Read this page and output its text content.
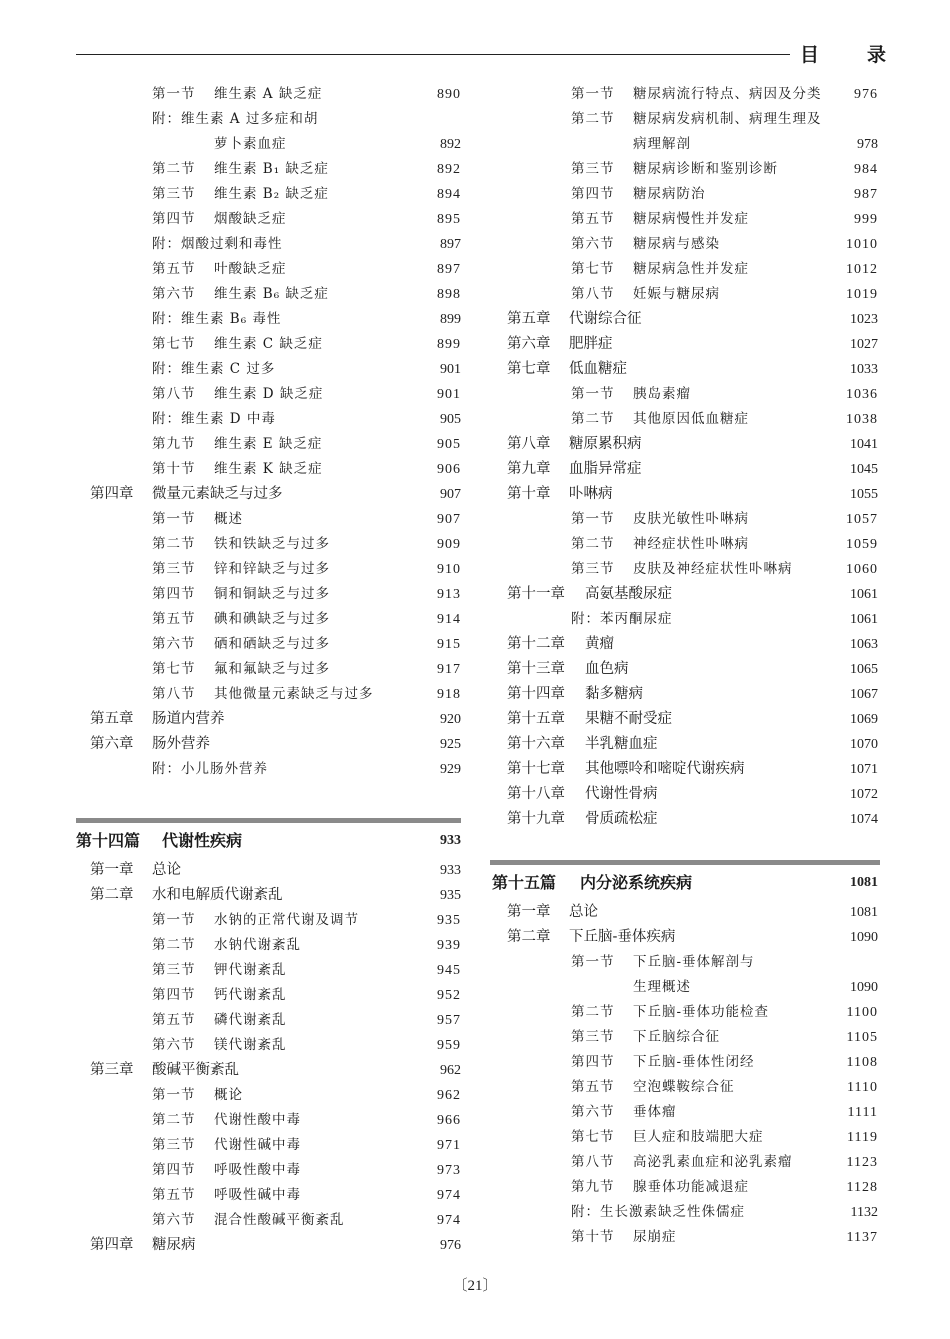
目	录
第一节 维生素 A 缺乏症	890
附：维生素 A 过多症和胡
萝卜素血症	892
第二节 维生素 B₁ 缺乏症	892
第三节 维生素 B₂ 缺乏症	894
第四节 烟酸缺乏症	895
附：烟酸过剩和毒性	897
第五节 叶酸缺乏症	897
第六节 维生素 B₆ 缺乏症	898
附：维生素 B₆ 毒性	899
第七节 维生素 C 缺乏症	899
附：维生素 C 过多	901
第八节 维生素 D 缺乏症	901
附：维生素 D 中毒	905
第九节 维生素 E 缺乏症	905
第十节 维生素 K 缺乏症	906
第四章 微量元素缺乏与过多	907
第一节 概述	907
第二节 铁和铁缺乏与过多	909
第三节 锌和锌缺乏与过多	910
第四节 铜和铜缺乏与过多	913
第五节 碘和碘缺乏与过多	914
第六节 硒和硒缺乏与过多	915
第七节 氟和氟缺乏与过多	917
第八节 其他微量元素缺乏与过多	918
第五章 肠道内营养	920
第六章 肠外营养	925
附：小儿肠外营养	929
第十四篇 代谢性疾病	933
第一章 总论	933
第二章 水和电解质代谢紊乱	935
第一节 水钠的正常代谢及调节	935
第二节 水钠代谢紊乱	939
第三节 钾代谢紊乱	945
第四节 钙代谢紊乱	952
第五节 磷代谢紊乱	957
第六节 镁代谢紊乱	959
第三章 酸碱平衡紊乱	962
第一节 概论	962
第二节 代谢性酸中毒	966
第三节 代谢性碱中毒	971
第四节 呼吸性酸中毒	973
第五节 呼吸性碱中毒	974
第六节 混合性酸碱平衡紊乱	974
第四章 糖尿病	976
第一节 糖尿病流行特点、病因及分类 976
第二节 糖尿病发病机制、病理生理及
病理解剖	978
第三节 糖尿病诊断和鉴别诊断	984
第四节 糖尿病防治	987
第五节 糖尿病慢性并发症	999
第六节 糖尿病与感染	1010
第七节 糖尿病急性并发症	1012
第八节 妊娠与糖尿病	1019
第五章 代谢综合征	1023
第六章 肥胖症	1027
第七章 低血糖症	1033
第一节 胰岛素瘤	1036
第二节 其他原因低血糖症	1038
第八章 糖原累积病	1041
第九章 血脂异常症	1045
第十章 卟啉病	1055
第一节 皮肤光敏性卟啉病	1057
第二节 神经症状性卟啉病	1059
第三节 皮肤及神经症状性卟啉病	1060
第十一章 高氨基酸尿症	1061
附：苯丙酮尿症	1061
第十二章 黄瘤	1063
第十三章 血色病	1065
第十四章 黏多糖病	1067
第十五章 果糖不耐受症	1069
第十六章 半乳糖血症	1070
第十七章 其他嘌呤和嘧啶代谢疾病	1071
第十八章 代谢性骨病	1072
第十九章 骨质疏松症	1074
第十五篇 内分泌系统疾病	1081
第一章 总论	1081
第二章 下丘脑-垂体疾病	1090
第一节 下丘脑-垂体解剖与
生理概述	1090
第二节 下丘脑-垂体功能检查	1100
第三节 下丘脑综合征	1105
第四节 下丘脑-垂体性闭经	1108
第五节 空泡蝶鞍综合征	1110
第六节 垂体瘤	1111
第七节 巨人症和肢端肥大症	1119
第八节 高泌乳素血症和泌乳素瘤	1123
第九节 腺垂体功能减退症	1128
附：生长激素缺乏性侏儒症	1132
第十节 尿崩症	1137
〔21〕
